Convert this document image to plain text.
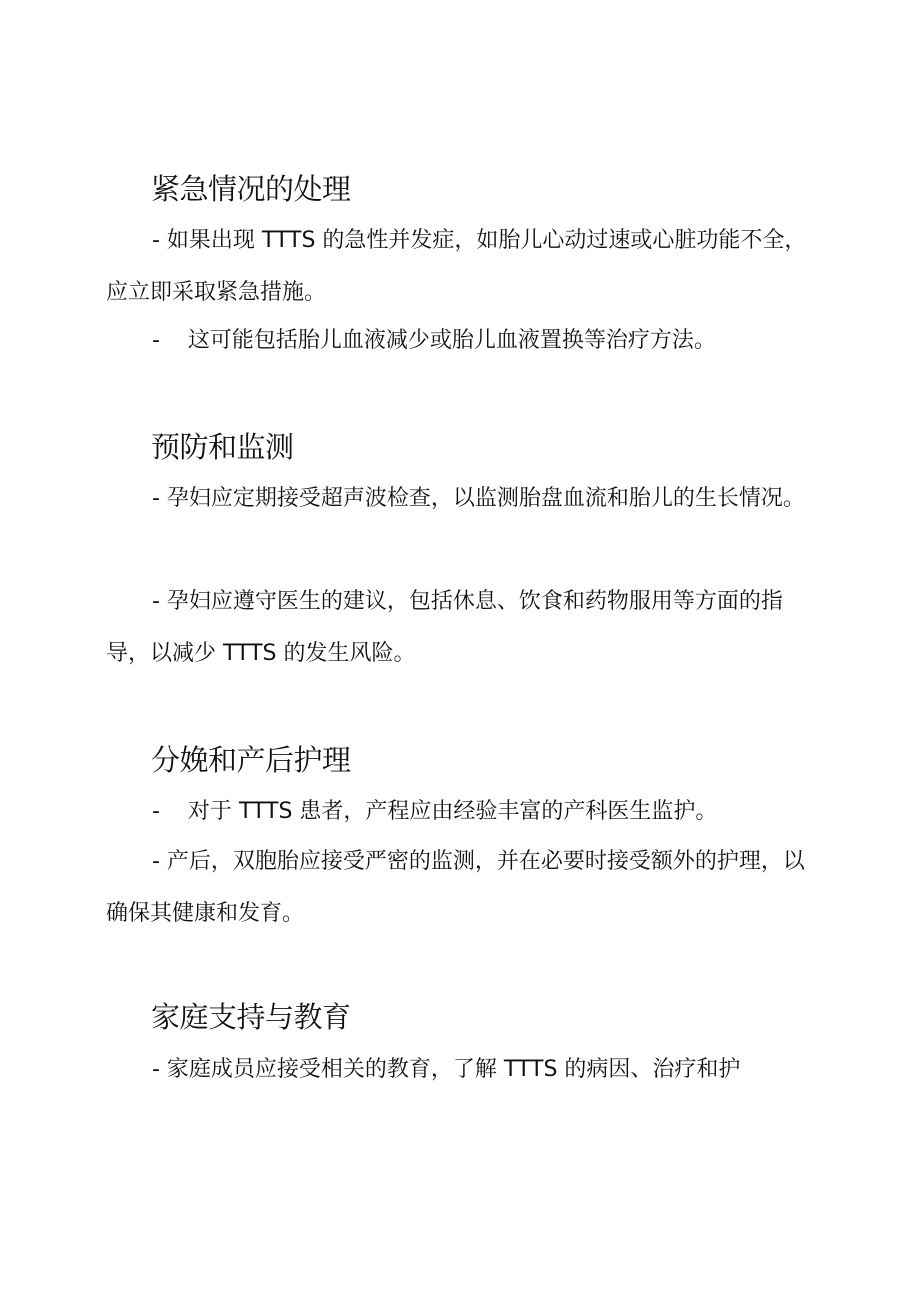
紧急情况的处理
- 如果出现 TTTS 的急性并发症，如胎儿心动过速或心脏功能不全，应立即采取紧急措施。
-    这可能包括胎儿血液减少或胎儿血液置换等治疗方法。
预防和监测
- 孕妇应定期接受超声波检查，以监测胎盘血流和胎儿的生长情况。
- 孕妇应遵守医生的建议，包括休息、饮食和药物服用等方面的指导，以减少 TTTS 的发生风险。
分娩和产后护理
-    对于 TTTS 患者，产程应由经验丰富的产科医生监护。
- 产后，双胞胎应接受严密的监测，并在必要时接受额外的护理，以确保其健康和发育。
家庭支持与教育
- 家庭成员应接受相关的教育，了解 TTTS 的病因、治疗和护
